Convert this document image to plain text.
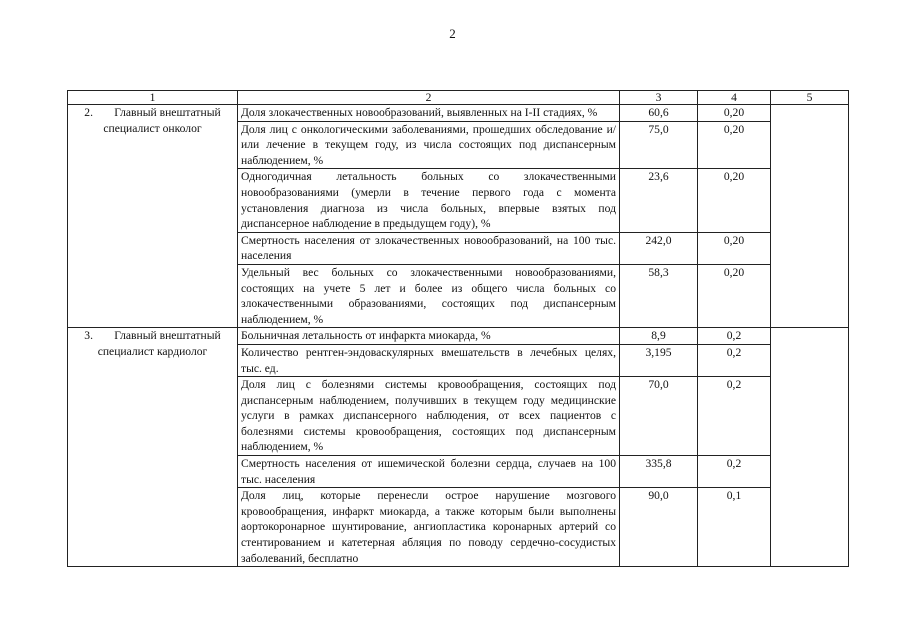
2
1	2	3	4	5
2. Главный внештатный специалист онколог	Доля злокачественных новообразований, выявленных на I-II стадиях, %	60,6	0,20	
	Доля лиц с онкологическими заболеваниями, прошедших обследование и/или лечение в текущем году, из числа состоящих под диспансерным наблюдением, %	75,0	0,20	
	Одногодичная летальность больных со злокачественными новообразованиями (умерли в течение первого года с момента установления диагноза из числа больных, впервые взятых под диспансерное наблюдение в предыдущем году), %	23,6	0,20	
	Смертность населения от злокачественных новообразований, на 100 тыс. населения	242,0	0,20	
	Удельный вес больных со злокачественными новообразованиями, состоящих на учете 5 лет и более из общего числа больных со злокачественными образованиями, состоящих под диспансерным наблюдением, %	58,3	0,20	
3. Главный внештатный специалист кардиолог	Больничная летальность от инфаркта миокарда, %	8,9	0,2	
	Количество рентген-эндоваскулярных вмешательств в лечебных целях, тыс. ед.	3,195	0,2	
	Доля лиц с болезнями системы кровообращения, состоящих под диспансерным наблюдением, получивших в текущем году медицинские услуги в рамках диспансерного наблюдения, от всех пациентов с болезнями системы кровообращения, состоящих под диспансерным наблюдением, %	70,0	0,2	
	Смертность населения от ишемической болезни сердца, случаев на 100 тыс. населения	335,8	0,2	
	Доля лиц, которые перенесли острое нарушение мозгового кровообращения, инфаркт миокарда, а также которым были выполнены аортокоронарное шунтирование, ангиопластика коронарных артерий со стентированием и катетерная абляция по поводу сердечно-сосудистых заболеваний, бесплатно	90,0	0,1	
